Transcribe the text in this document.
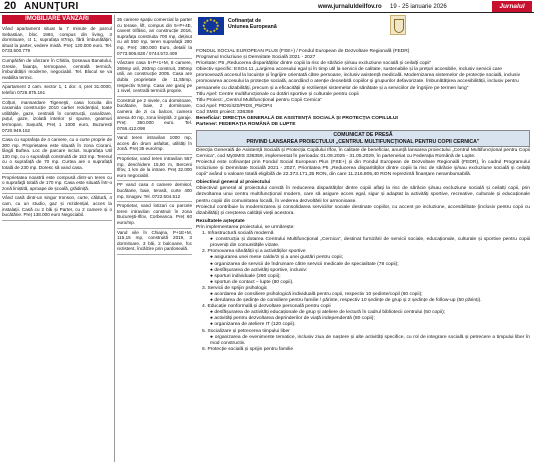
20 ANUNŢURI	www.jurnaluldeilfov.ro 19 - 25 ianuarie 2026	Jurnalul
IMOBILIARE VÂNZĂRI
Vând apartament situat la 7 minute de parcul Sebastian, bloc 1984, compus din living, 3 dormitoare, ct 1, suprafața 87mp, fără îmbunătățiri, situat la parter, vedere mixtă. Preț: 120.000 euro. Tel. 0733.500.779
Cumpărăm de vânzare în Chitila, Șoseaua Banatului, Gresie, faianța, termopane, centrală termică, îmbunătățiri moderne, negociabil. Tel. Blocul se va reabilita termic.
Apartament 2 cam. sector 1, 1 dor. 4, pret 31.0000, telefon 0726.875.161
Colțuri, mansardare Tigeneşti, casa locuita din caramida construcție 2010 cartier rezidențial, toate utilitățile, gaze, centrală în construcții, canalizare, puțul, gaze, izolată interior și spume, geamuri termopan, Sașurăt, Preț 1 1000 euro, Buzuresti 0720.949.152
Casa cu suprafața de 4 camere, cu o curte proprie de 300 mp. Proprietatea este situată în zona Ciorani, lângă Buftea. Loc de parcare inclus. Suprafața Util 130 mp, cu o suprafață construită de 153 mp. Terenul cu o suprafață de 70 mp. Curtea are o suprafață totală de 230 mp. Doresc să vand casa.
Proprietatea noastră este compusă dintr-un teren cu o suprafaţă totală de 170 mp. Casa este situată într-o zonă liniștită, aproape de școală, grădiniță.
Vând casă dintr-un singur tronson, curte, căldură, 4 cam, cu un studio, gaz și rezidențial, acces la instalații. Casă cu 2 băi și Parter, cu 2 camere și o bucătărie. Preț 138.000 euro Negociabil.
35 camere spațiu comercial la parter cu terase, lift, compus din 5+P+4E, cavent trifăsic, an construcție 2016, suprafața construita 700 mp, deținut cu alt 550 mp, teren suprafață 280 mp, Preț: 380.000 Euro, detalii la 0773.906.828 / 0744.572.409
Vânzare casa 5+P+1+M, 8 camere, 269mp util, 293mp construit, 290mp utili, an construcție 2005. Casa are dubla proprietate de 11,55mp, respectiv 9,5mp. Casa are garaj pe 1 nivel, centrală termică proprie.
Construit pe 2 nivele, cu dormitoare, bucătarie, baie, 2 dormitoare, camera de zi cu balcon, camera anexa 40 mp, zona liniştită. 2 garaje. Preț: 350.000 euro. Tel. 0766.412.098
Vand teren intravilan 1000 mp, acces din drum asfaltat, utilități în zonă. Preț 35 euro/mp.
Proprietar, vand teren intravilan 567 mp, deschidere 15,50 m, Berceni Ilfov, 1 km de la intrare. Preț 32.000 euro negociabil.
PF vand casa 4 camere demisol, bucătarie, baie, terasă, curte 400 mp, Snagov. Tel. 0722.604.512
Proprietar, vand lotizari cu parcele teren intravilan construit în zona Bucureşti-Ilfov, Corbeanca. Preț 60 euro/mp.
Vand vile în Chiajna, P+1E+M, 115,15 mp, construită 2019, 3 dormitoare, 3 băi, 2 balcoane, foc rezistent, încălzire prin pardoseală.
★
★
★
★
★
★
★
★
★ ★ ★
★ Cofinanțat de
Uniunea Europeană
FONDUL SOCIAL EUROPEAN PLUS (FSE+) / Fondul European de Dezvoltare Regională (FEDR)
Programul Incluziune și Demnitate Socială 2021 - 2027
Prioritate: P5 „Reducerea disparităților dintre copiii la risc de sărăcie și/sau excluziune socială și ceilalți copii”
Obiectiv specific: ESO4.11 „Largirea accesului egal și în timp util la servicii de calitate, sustenabile și la prețuri accesibile, inclusiv servicii care promovează accesul la locuințe și îngrijire orientată către persoane, inclusiv asistență medicală. Modernizarea sistemelor de protecție socială, inclusiv promovarea accesului la protecție socială, acordând o atenție deosebită copiilor și grupurilor defavorizate. Îmbunătățirea accesibilității, inclusiv pentru persoanele cu dizabilități, precum și a eficacității și rezilienței sistemelor de sănătate și a serviciilor de îngrijire pe termen lung”
Titlu Apel: Centre multifuncționale cu dotări sportive și culturale pentru copii
Titlu Proiect: „Centrul Multifuncțional pentru Copii Cernica”
Cod Apel: PIDS/420/PIDS_P5/OP4
Cod SMIS proiect: 336359
Beneficiar: DIRECȚIA GENERALĂ DE ASISTENȚĂ SOCIALĂ ȘI PROTECȚIA COPILULUI
Partener: FEDERAȚIA ROMÂNĂ DE LUPTE
COMUNICAT DE PRESĂ
PRIVIND LANSAREA PROIECTULUI „CENTRUL MULTIFUNCȚIONAL PENTRU COPII CERNICA”
Direcția Generală de Asistență Socială și Protecția Copilului Ilfov, în calitate de beneficiar, anunță lansarea proiectului „Centrul Multifuncțional pentru Copii Cernica”, cod MySMIS 336359, implementat în perioada: 01.09.2025 - 31.05.2029, în parteneriat cu Federația Română de Lupte.
Proiectul este cofinanțat prin Fondul Social European Plus (FSE+) și din Fondul European de Dezvoltare Regională (FEDR), în cadrul Programului Incluziune și Demnitate Socială 2021 - 2027, Prioritatea P5 „Reducerea disparităților dintre copiii la risc de sărăcie și/sau excluziune socială și ceilalți copii” având o valoare totală eligibilă de 22.373.171,35 RON, din care 11.216.805,40 RON reprezintă finanțare nerambursabilă.
Obiectivul general al proiectului
Obiectivul general al proiectului constă în reducerea disparităților dintre copiii aflați la risc de sărăcie și/sau excluziune socială și ceilalți copii, prin dezvoltarea unui centru multifuncțional modern, care să asigure acces egal, sigur și adaptat la activități sportive, recreative, culturale și educaționale pentru copiii din comunitatea locală, în vederea dezvoltării lor armonioase.
Proiectul contribuie la modernizarea și consolidarea serviciilor sociale destinate copiilor, cu accent pe incluziune, accesibilitate (inclusiv pentru copii cu dizabilități) și creșterea calității vieții acestora.
Rezultatele așteptate
Prin implementarea proiectului, se urmărește:
1. Infrastructură socială modernă
● construcția și dotarea Centrului Multifuncțional „Cernica”, destinat furnizării de servicii sociale, educaționale, culturale și sportive pentru copiii proveniți din comunitățile vizate.
2. Promovarea sănătății și a activităților sportive
● asigurarea unei mese calde/zi și a unei gustări pentru copii;
● organizarea de servicii de îndrumare către servicii medicale de specialitate (78 copii);
● desfășurarea de activități sportive, inclusiv:
● sporturi individuale (260 copii);
● sportun de contact – lupte (80 copii).
3. Servicii de sprijin psihologic
● acordarea de consiliere psihologică individuală pentru copii, respectiv 10 ședinte/copil (60 copii);
● derularea de ședințe de consiliere pentru familie / părinte, respectiv 10 ședințe de grup și 2 ședințe de follow-up (50 părinți).
4. Educație nonformală și dezvoltare personală pentru copii
● desfășurarea de activități educaționale de grup și ateliere de lectură în cadrul bibliotecii centrului (50 copii);
● activități pentru dezvoltarea deprinderilor de viață independentă (80 copii);
● organizarea de ateliere IT (120 copii).
5. Socializare și petrecerea timpului liber
● organizarea de evenimente tematice, inclusiv ziua de naștere și alte activități specifice, cu rol de integrare socială și petrecere a timpului liber în mod constructiv.
6. Protecție socială și sprijin pentru familie
